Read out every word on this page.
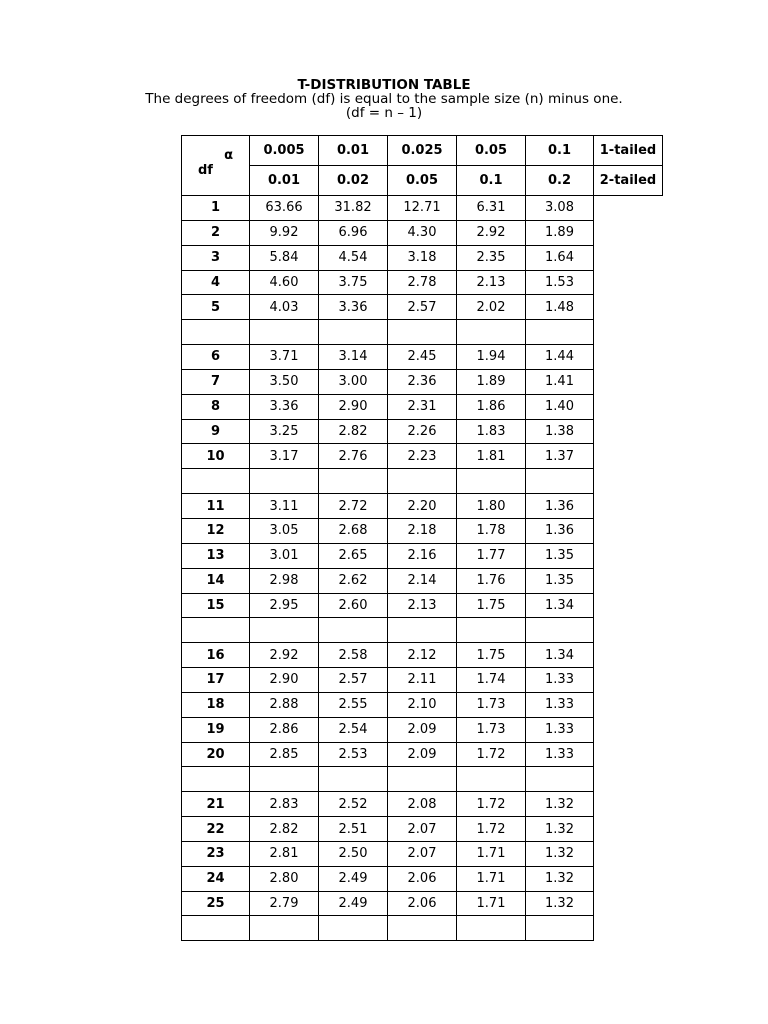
T-DISTRIBUTION TABLE
The degrees of freedom (df) is equal to the sample size (n) minus one.
(df = n – 1)
α
df	0.005	0.01	0.025	0.05	0.1	1-tailed
	0.01	0.02	0.05	0.1	0.2	2-tailed
1	63.66	31.82	12.71	6.31	3.08	
2	9.92	6.96	4.30	2.92	1.89	
3	5.84	4.54	3.18	2.35	1.64	
4	4.60	3.75	2.78	2.13	1.53	
5	4.03	3.36	2.57	2.02	1.48	

6	3.71	3.14	2.45	1.94	1.44	
7	3.50	3.00	2.36	1.89	1.41	
8	3.36	2.90	2.31	1.86	1.40	
9	3.25	2.82	2.26	1.83	1.38	
10	3.17	2.76	2.23	1.81	1.37	

11	3.11	2.72	2.20	1.80	1.36	
12	3.05	2.68	2.18	1.78	1.36	
13	3.01	2.65	2.16	1.77	1.35	
14	2.98	2.62	2.14	1.76	1.35	
15	2.95	2.60	2.13	1.75	1.34	

16	2.92	2.58	2.12	1.75	1.34	
17	2.90	2.57	2.11	1.74	1.33	
18	2.88	2.55	2.10	1.73	1.33	
19	2.86	2.54	2.09	1.73	1.33	
20	2.85	2.53	2.09	1.72	1.33	

21	2.83	2.52	2.08	1.72	1.32	
22	2.82	2.51	2.07	1.72	1.32	
23	2.81	2.50	2.07	1.71	1.32	
24	2.80	2.49	2.06	1.71	1.32	
25	2.79	2.49	2.06	1.71	1.32	
